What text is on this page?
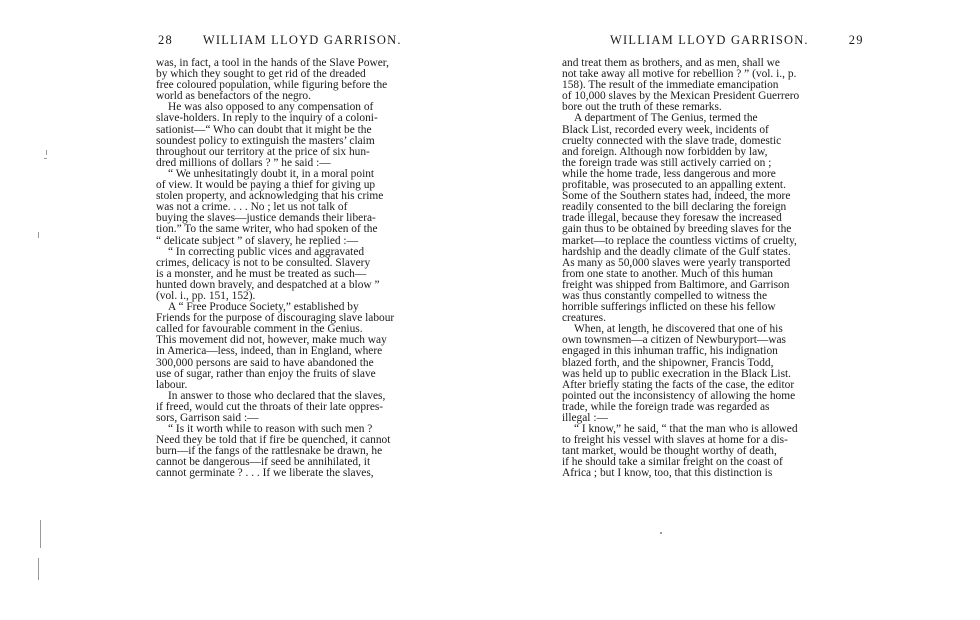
28 WILLIAM LLOYD GARRISON.
was, in fact, a tool in the hands of the Slave Power,
by which they sought to get rid of the dreaded
free coloured population, while figuring before the
world as benefactors of the negro.
He was also opposed to any compensation of
slave-holders. In reply to the inquiry of a coloni-
sationist—“ Who can doubt that it might be the
soundest policy to extinguish the masters’ claim
throughout our territory at the price of six hun-
dred millions of dollars ? ” he said :—
“ We unhesitatingly doubt it, in a moral point
of view. It would be paying a thief for giving up
stolen property, and acknowledging that his crime
was not a crime. . . . No ; let us not talk of
buying the slaves—justice demands their libera-
tion.” To the same writer, who had spoken of the
“ delicate subject ” of slavery, he replied :—
“ In correcting public vices and aggravated
crimes, delicacy is not to be consulted. Slavery
is a monster, and he must be treated as such—
hunted down bravely, and despatched at a blow ”
(vol. i., pp. 151, 152).
A “ Free Produce Society,” established by
Friends for the purpose of discouraging slave labour
called for favourable comment in the Genius.
This movement did not, however, make much way
in America—less, indeed, than in England, where
300,000 persons are said to have abandoned the
use of sugar, rather than enjoy the fruits of slave
labour.
In answer to those who declared that the slaves,
if freed, would cut the throats of their late oppres-
sors, Garrison said :—
“ Is it worth while to reason with such men ?
Need they be told that if fire be quenched, it cannot
burn—if the fangs of the rattlesnake be drawn, he
cannot be dangerous—if seed be annihilated, it
cannot germinate ? . . . If we liberate the slaves,
WILLIAM LLOYD GARRISON.	29
and treat them as brothers, and as men, shall we
not take away all motive for rebellion ? ” (vol. i., p.
158). The result of the immediate emancipation
of 10,000 slaves by the Mexican President Guerrero
bore out the truth of these remarks.
A department of The Genius, termed the
Black List, recorded every week, incidents of
cruelty connected with the slave trade, domestic
and foreign. Although now forbidden by law,
the foreign trade was still actively carried on ;
while the home trade, less dangerous and more
profitable, was prosecuted to an appalling extent.
Some of the Southern states had, indeed, the more
readily consented to the bill declaring the foreign
trade illegal, because they foresaw the increased
gain thus to be obtained by breeding slaves for the
market—to replace the countless victims of cruelty,
hardship and the deadly climate of the Gulf states.
As many as 50,000 slaves were yearly transported
from one state to another. Much of this human
freight was shipped from Baltimore, and Garrison
was thus constantly compelled to witness the
horrible sufferings inflicted on these his fellow
creatures.
When, at length, he discovered that one of his
own townsmen—a citizen of Newburyport—was
engaged in this inhuman traffic, his indignation
blazed forth, and the shipowner, Francis Todd,
was held up to public execration in the Black List.
After briefly stating the facts of the case, the editor
pointed out the inconsistency of allowing the home
trade, while the foreign trade was regarded as
illegal :—
“ I know,” he said, “ that the man who is allowed
to freight his vessel with slaves at home for a dis-
tant market, would be thought worthy of death,
if he should take a similar freight on the coast of
Africa ; but I know, too, that this distinction is
